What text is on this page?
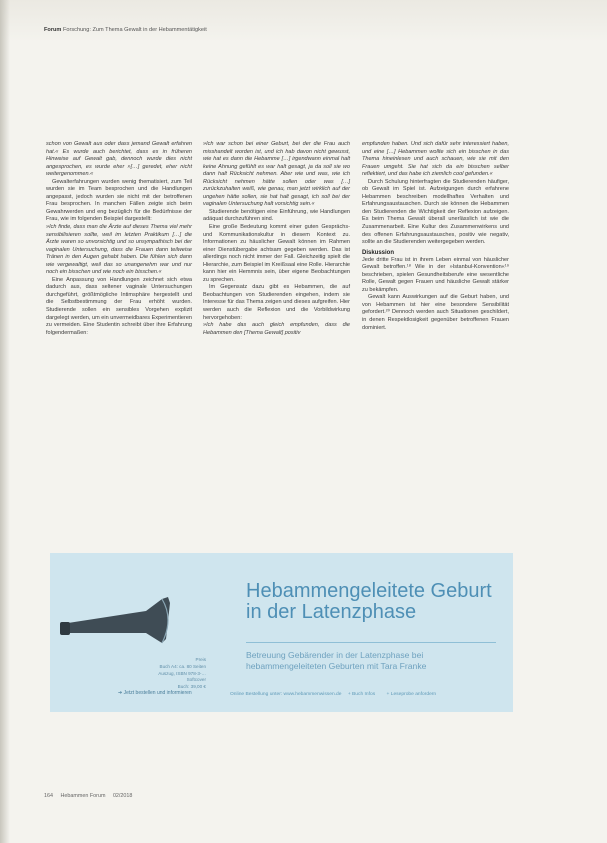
Forum Forschung: Zum Thema Gewalt in der Hebammentätigkeit

schon von Gewalt aus oder dass jemand Gewalt erfahren hat.« Es wurde auch berichtet, dass es in früheren Hinweise auf Gewalt gab, dennoch wurde dies nicht angesprochen, es wurde eher »[…] geredet, eher nicht weitergenommen.«

Gewalterfahrungen wurden wenig thematisiert, zum Teil wurden sie im Team besprochen und die Handlungen angepasst, jedoch wurden sie nicht mit der betroffenen Frau besprochen. In manchen Fällen zeigte sich beim Gewahrwerden und eng bezüglich für die Bedürfnisse der Frau, wie im folgenden Beispiel dargestellt:

»Ich finde, dass man die Ärzte auf dieses Thema viel mehr sensibilisieren sollte, weil im letzten Praktikum […] die Ärzte waren so unvorsichtig und so unsympathisch bei der vaginalen Untersuchung, dass die Frauen dann teilweise Tränen in den Augen gehabt haben. Die fühlen sich dann wie vergewaltigt, weil das so unangenehm war und nur noch ein bisschen und wie noch ein bisschen.«

Eine Anpassung von Handlungen zeichnet sich etwa dadurch aus, dass seltener vaginale Untersuchungen durchgeführt, größtmögliche Intimsphäre hergestellt und die Selbstbestimmung der Frau erhöht wurden. Studierende sollen ein sensibles Vorgehen explizit dargelegt werden, um ein unvermeidbares Experimentieren zu vermeiden. Eine Studentin schreibt über ihre Erfahrung folgendermaßen:

»Ich war schon bei einer Geburt, bei der die Frau auch misshandelt worden ist, und ich hab davon nicht gewusst, wie hat es dann die Hebamme […] irgendwann einmal halt keine Ahnung gefühlt es war halt gesagt, ja da soll sie wo dann halt Rücksicht nehmen. Aber wie und was, wie ich Rücksicht nehmen hätte sollen oder was […] zurückzuhalten weiß, wie genau, man jetzt wirklich auf der ungehen hätte sollen, sie hat halt gesagt, ich soll bei der vaginalen Untersuchung halt vorsichtig sein.«

Studierende benötigen eine Einführung, wie Handlungen adäquat durchzuführen sind.

Eine große Bedeutung kommt einer guten Gesprächs- und Kommunikationskultur in diesem Kontext zu. Informationen zu häuslicher Gewalt können im Rahmen einer Dienstübergabe achtsam gegeben werden. Das ist allerdings noch nicht immer der Fall. Gleichzeitig spielt die Hierarchie, zum Beispiel im Kreißsaal eine Rolle. Hierarchie kann hier ein Hemmnis sein, über eigene Beobachtungen zu sprechen.

Im Gegensatz dazu gibt es Hebammen, die auf Beobachtungen von Studierenden eingehen, indem sie Interesse für das Thema zeigen und dieses aufgreifen. Hier werden auch die Reflexion und die Vorbildwirkung hervorgehoben:

»Ich habe das auch gleich empfunden, dass die Hebammen den [Thema Gewalt] positiv

empfunden haben. Und sich dafür sehr interessiert haben, und eine […] Hebammen wollte sich ein bisschen in das Thema hineinlesen und auch schauen, wie sie mit den Frauen umgeht. Sie hat sich da ein bisschen selber reflektiert, und das habe ich ziemlich cool gefunden.«

Durch Schulung hinterfragten die Studierenden häufiger, ob Gewalt im Spiel ist. Aufzeigungen durch erfahrene Hebammen beschreiben modellhaftes Verhalten und Erfahrungsaustauschen. Durch sie können die Hebammen den Studierenden die Wichtigkeit der Reflexion aufzeigen. Es beim Thema Gewalt überall unerlässlich ist wie die Zusammenarbeit. Eine Kultur des Zusammenwirkens und des offenen Erfahrungsaustausches, positiv wie negativ, sollte an die Studierenden weitergegeben werden.

Diskussion

Jede dritte Frau ist in ihrem Leben einmal von häuslicher Gewalt betroffen.¹⁸ Wie in der »Istanbul-Konvention«¹⁹ beschrieben, spielen Gesundheitsberufe eine wesentliche Rolle, Gewalt gegen Frauen und häusliche Gewalt stärker zu bekämpfen.

Gewalt kann Auswirkungen auf die Geburt haben, und von Hebammen ist hier eine besondere Sensibilität gefordert.²⁰ Dennoch werden auch Situationen geschildert, in denen Respektlosigkeit gegenüber betroffenen Frauen dominiert.

Hebammengeleitete Geburt
in der Latenzphase
Betreuung Gebärender in der Latenzphase bei hebammengeleiteten Geburten mit Tara Franke
Preis
Buch A4: ca. 80 Seiten
Auszug, ISBN 978-3-…
Softcover
Buch: 39,00 €
➔ Jetzt bestellen und informieren	Online Bestellung unter: www.hebammenwissen.de + Buch Infos + Leseprobe anfordern
164 Hebammen Forum 02/2018
